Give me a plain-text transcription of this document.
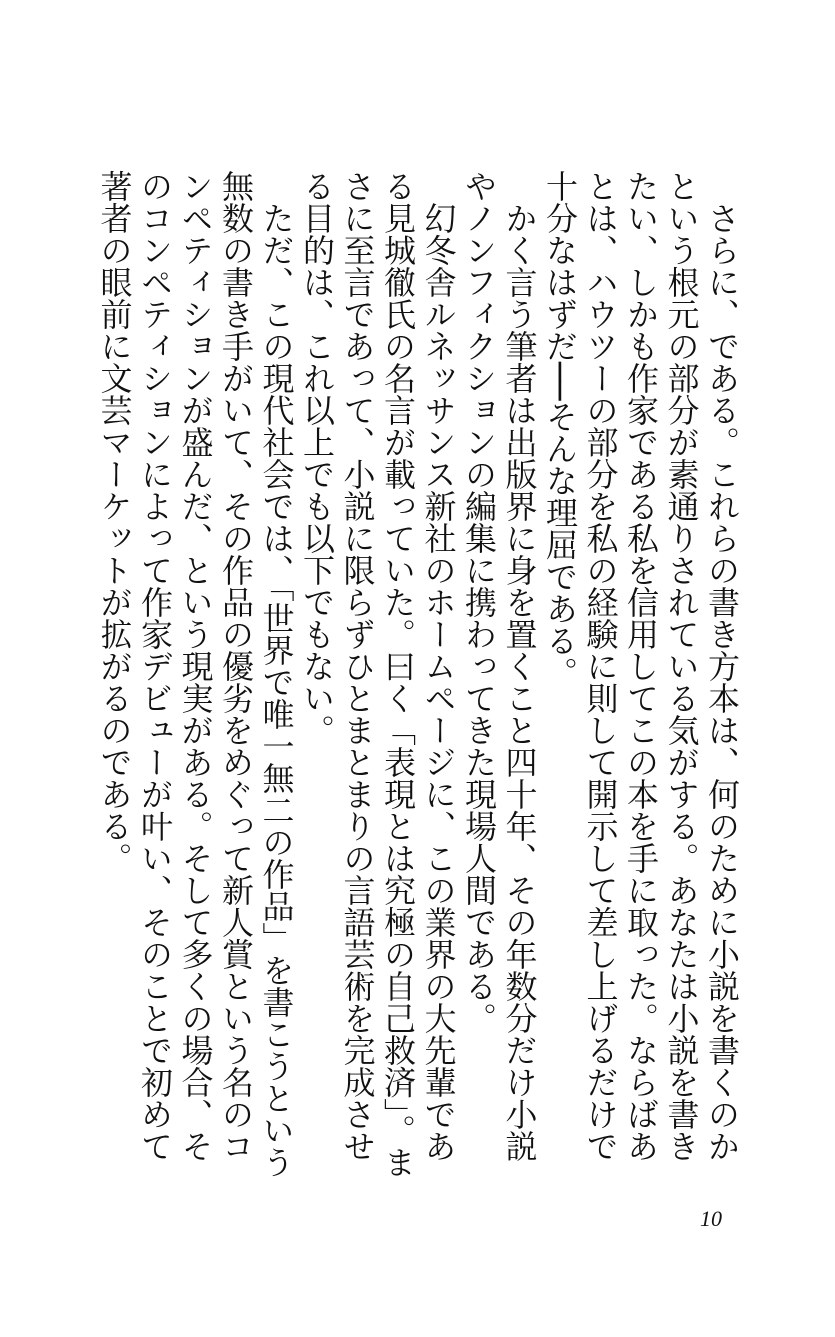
さらに、である。これらの書き方本は、何のために小説を書くのかという根元の部分が素通りされている気がする。あなたは小説を書きたい、しかも作家である私を信用してこの本を手に取った。ならばあとは、ハウツーの部分を私の経験に則して開示して差し上げるだけで十分なはずだ──そんな理屈である。

かく言う筆者は出版界に身を置くこと四十年、その年数分だけ小説やノンフィクションの編集に携わってきた現場人間である。

幻冬舎ルネッサンス新社のホームページに、この業界の大先輩である見城徹氏の名言が載っていた。曰く「表現とは究極の自己救済」。まさに至言であって、小説に限らずひとまとまりの言語芸術を完成させる目的は、これ以上でも以下でもない。

ただ、この現代社会では、「世界で唯一無二の作品」を書こうという無数の書き手がいて、その作品の優劣をめぐって新人賞という名のコンペティションが盛んだ、という現実がある。そして多くの場合、そのコンペティションによって作家デビューが叶い、そのことで初めて著者の眼前に文芸マーケットが拡がるのである。

10
